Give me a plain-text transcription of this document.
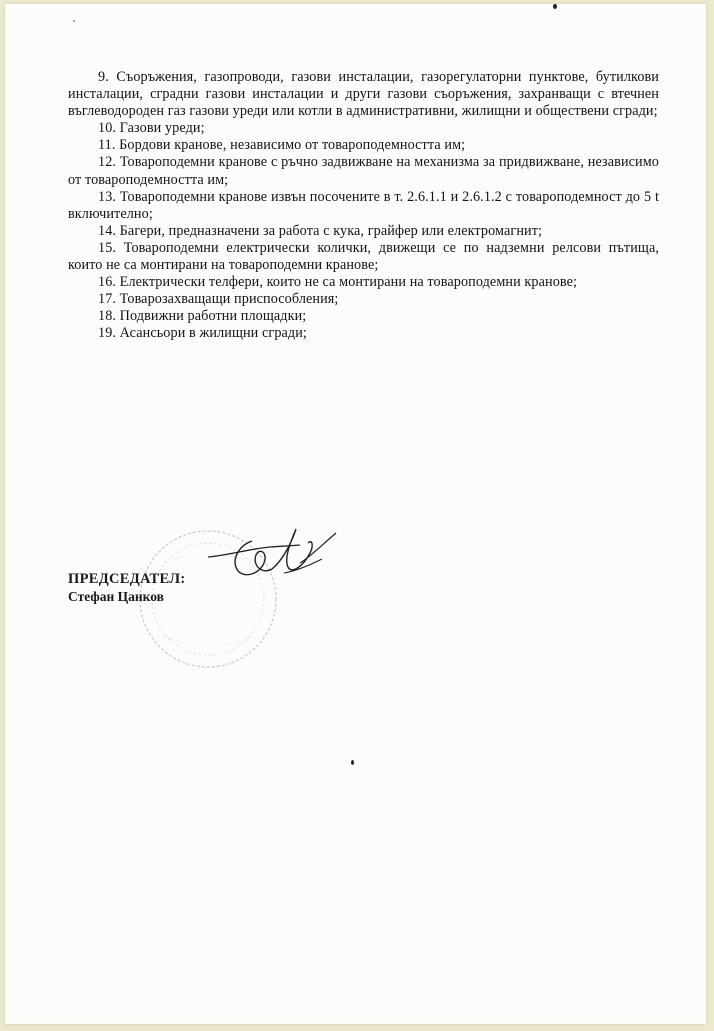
9. Съоръжения, газопроводи, газови инсталации, газорегулаторни пунктове, бутилкови инсталации, сградни газови инсталации и други газови съоръжения, захранващи с втечнен въглеводороден газ газови уреди или котли в административни, жилищни и обществени сгради;

10. Газови уреди;

11. Бордови кранове, независимо от товароподемността им;

12. Товароподемни кранове с ръчно задвижване на механизма за придвижване, независимо от товароподемността им;

13. Товароподемни кранове извън посочените в т. 2.6.1.1 и 2.6.1.2 с товароподемност до 5 t включително;

14. Багери, предназначени за работа с кука, грайфер или електромагнит;

15. Товароподемни електрически колички, движещи се по надземни релсови пътища, които не са монтирани на товароподемни кранове;

16. Електрически телфери, които не са монтирани на товароподемни кранове;

17. Товарозахващащи приспособления;

18. Подвижни работни площадки;

19. Асансьори в жилищни сгради;

ПРЕДСЕДАТЕЛ:
Стефан Цанков
